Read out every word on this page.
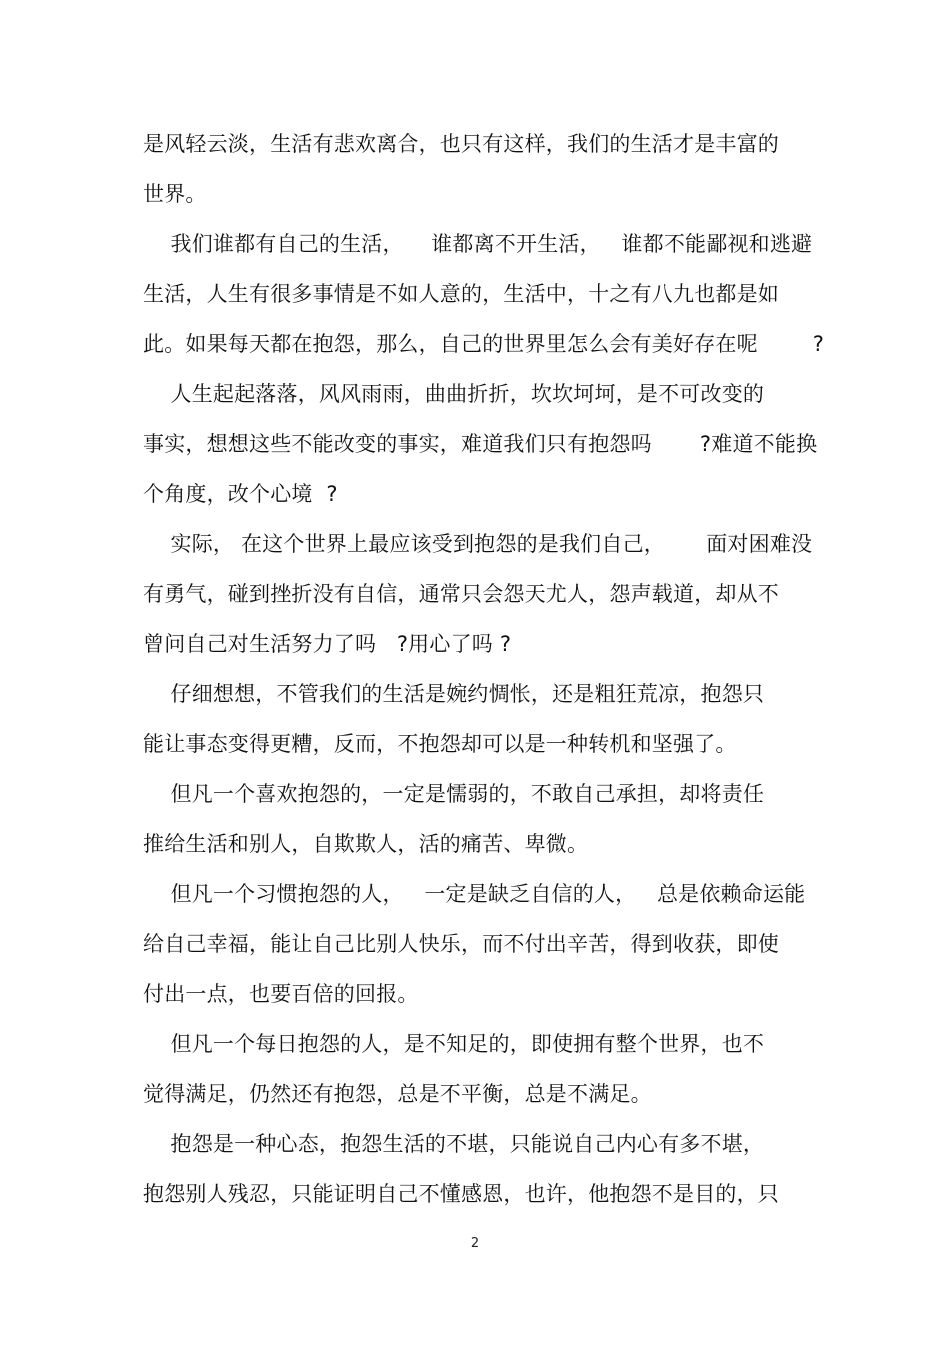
是风轻云淡，生活有悲欢离合，也只有这样，我们的生活才是丰富的
世界。
我们谁都有自己的生活，    谁都离不开生活，   谁都不能鄙视和逃避
生活，人生有很多事情是不如人意的，生活中，十之有八九也都是如
此。如果每天都在抱怨，那么，自己的世界里怎么会有美好存在呢        ?
人生起起落落，风风雨雨，曲曲折折，坎坎坷坷，是不可改变的
事实，想想这些不能改变的事实，难道我们只有抱怨吗       ?难道不能换
个角度，改个心境  ?
实际， 在这个世界上最应该受到抱怨的是我们自己，      面对困难没
有勇气，碰到挫折没有自信，通常只会怨天尤人，怨声载道，却从不
曾问自己对生活努力了吗   ?用心了吗 ?
仔细想想，不管我们的生活是婉约惆怅，还是粗狂荒凉，抱怨只
能让事态变得更糟，反而，不抱怨却可以是一种转机和坚强了。
但凡一个喜欢抱怨的，一定是懦弱的，不敢自己承担，却将责任
推给生活和别人，自欺欺人，活的痛苦、卑微。
但凡一个习惯抱怨的人，   一定是缺乏自信的人，   总是依赖命运能
给自己幸福，能让自己比别人快乐，而不付出辛苦，得到收获，即使
付出一点，也要百倍的回报。
但凡一个每日抱怨的人，是不知足的，即使拥有整个世界，也不
觉得满足，仍然还有抱怨，总是不平衡，总是不满足。
抱怨是一种心态，抱怨生活的不堪，只能说自己内心有多不堪，
抱怨别人残忍，只能证明自己不懂感恩，也许，他抱怨不是目的，只
2
